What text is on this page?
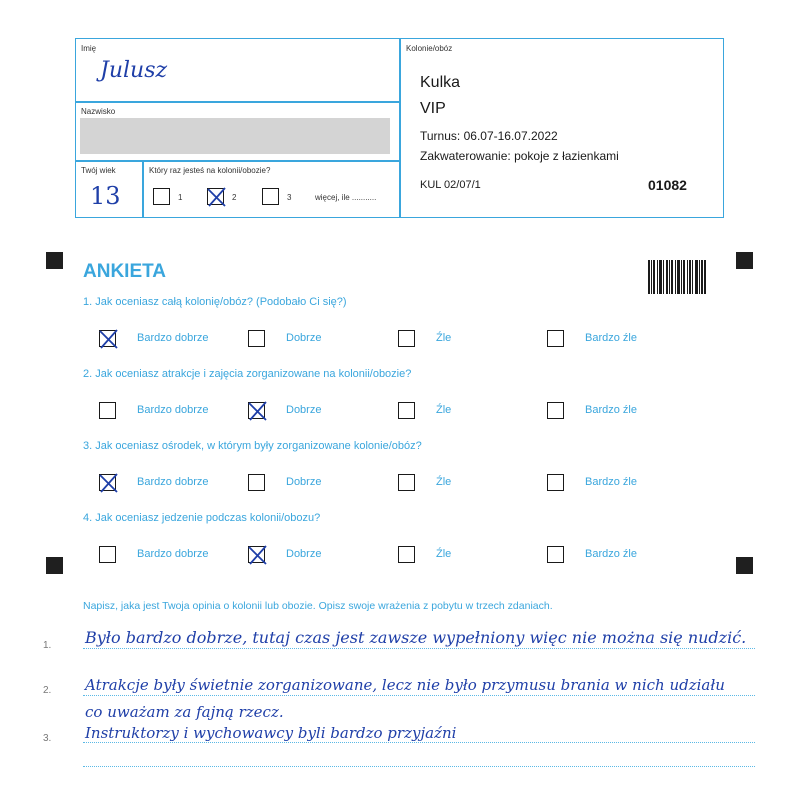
Imię
Julusz
Nazwisko
Twój wiek
13
Który raz jesteś na kolonii/obozie?
1	2	3	więcej, ile ...........
Kolonie/obóz
Kulka
VIP
Turnus: 06.07-16.07.2022
Zakwaterowanie: pokoje z łazienkami
KUL 02/07/1	01082
ANKIETA
1. Jak oceniasz całą kolonię/obóz? (Podobało Ci się?)
2. Jak oceniasz atrakcje i zajęcia zorganizowane na kolonii/obozie?
3. Jak oceniasz ośrodek, w którym były zorganizowane kolonie/obóz?
4. Jak oceniasz jedzenie podczas kolonii/obozu?
Bardzo dobrze	Dobrze	Źle	Bardzo źle
Bardzo dobrze	Dobrze	Źle	Bardzo źle
Bardzo dobrze	Dobrze	Źle	Bardzo źle
Bardzo dobrze	Dobrze	Źle	Bardzo źle
Napisz, jaka jest Twoja opinia o kolonii lub obozie. Opisz swoje wrażenia z pobytu w trzech zdaniach.
1.
2.
3.
Było bardzo dobrze, tutaj czas jest zawsze wypełniony więc nie można się nudzić.
Atrakcje były świetnie zorganizowane, lecz nie było przymusu brania w nich udziału
co uważam za fajną rzecz.
Instruktorzy i wychowawcy byli bardzo przyjaźni
